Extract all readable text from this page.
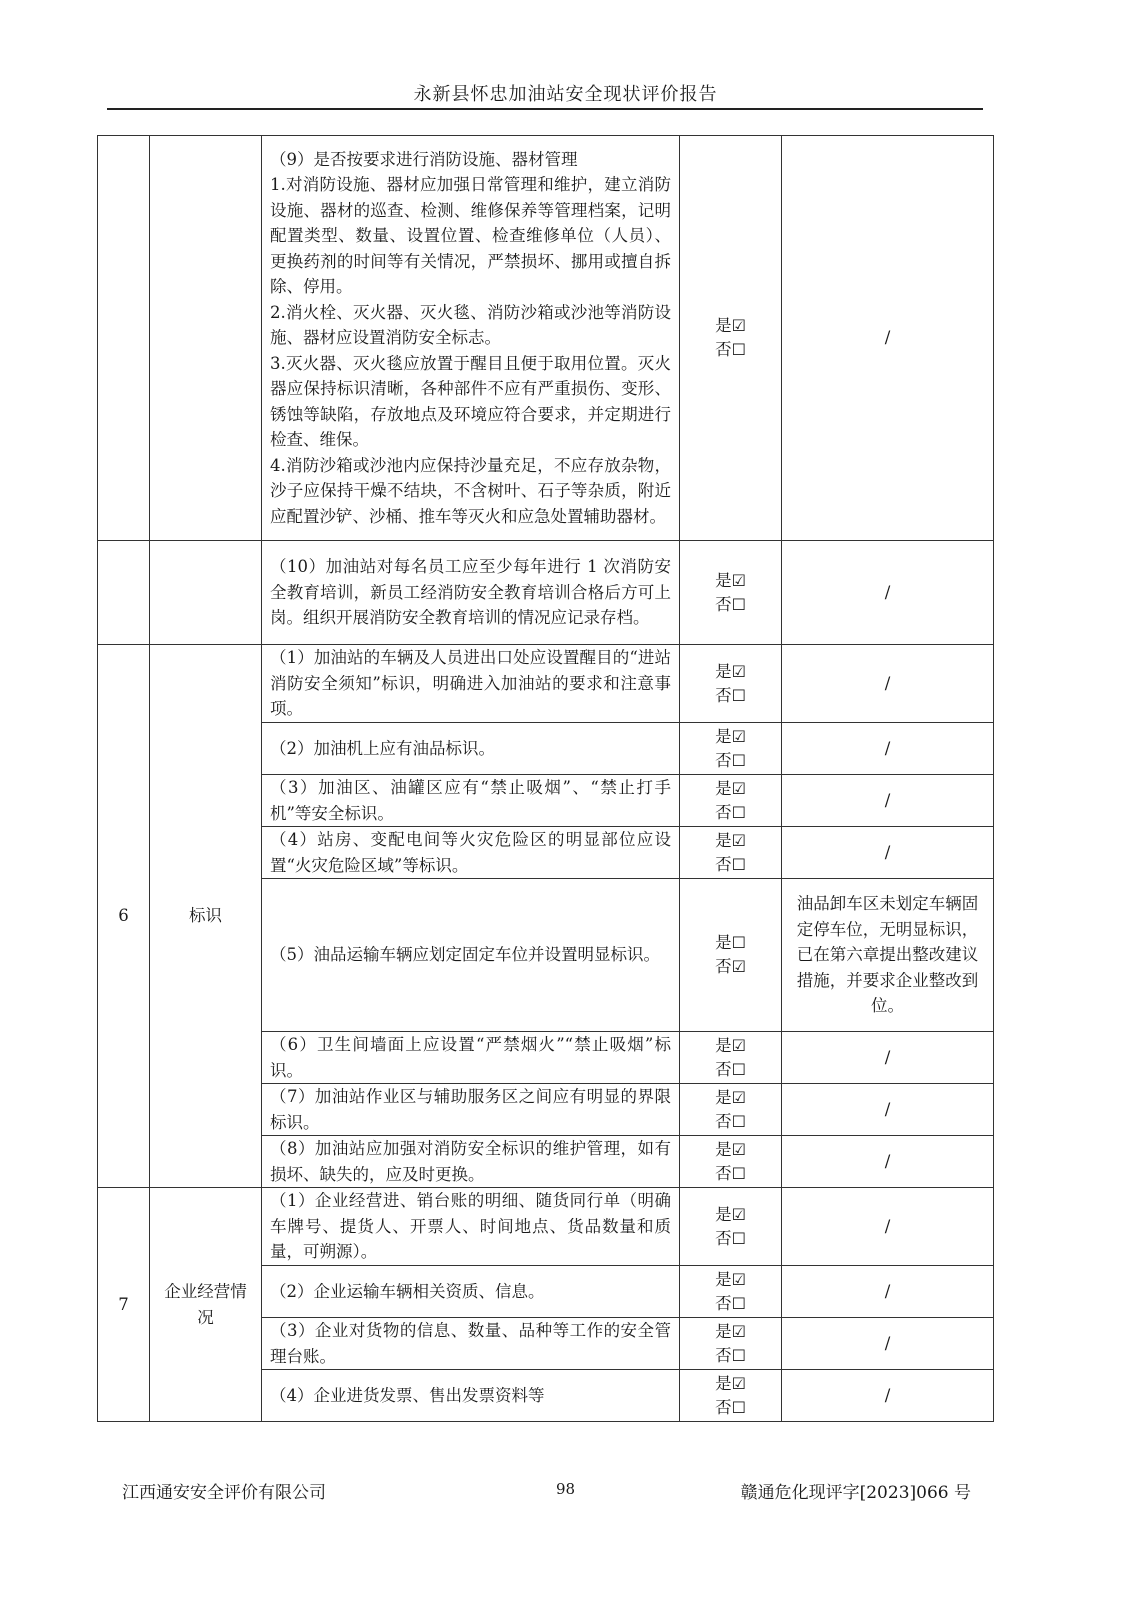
永新县怀忠加油站安全现状评价报告

		（9）是否按要求进行消防设施、器材管理
1.对消防设施、器材应加强日常管理和维护，建立消防设施、器材的巡查、检测、维修保养等管理档案，记明配置类型、数量、设置位置、检查维修单位（人员）、更换药剂的时间等有关情况，严禁损坏、挪用或擅自拆除、停用。
2.消火栓、灭火器、灭火毯、消防沙箱或沙池等消防设施、器材应设置消防安全标志。
3.灭火器、灭火毯应放置于醒目且便于取用位置。灭火器应保持标识清晰，各种部件不应有严重损伤、变形、锈蚀等缺陷，存放地点及环境应符合要求，并定期进行检查、维保。
4.消防沙箱或沙池内应保持沙量充足，不应存放杂物，沙子应保持干燥不结块，不含树叶、石子等杂质，附近应配置沙铲、沙桶、推车等灭火和应急处置辅助器材。	是☑
否☐	/
		（10）加油站对每名员工应至少每年进行 1 次消防安全教育培训，新员工经消防安全教育培训合格后方可上岗。组织开展消防安全教育培训的情况应记录存档。	是☑
否☐	/
6	标识	（1）加油站的车辆及人员进出口处应设置醒目的“进站消防安全须知”标识，明确进入加油站的要求和注意事项。	是☑
否☐	/
		（2）加油机上应有油品标识。	是☑
否☐	/
		（3）加油区、油罐区应有“禁止吸烟”、“禁止打手机”等安全标识。	是☑
否☐	/
		（4）站房、变配电间等火灾危险区的明显部位应设置“火灾危险区域”等标识。	是☑
否☐	/
		（5）油品运输车辆应划定固定车位并设置明显标识。	是☐
否☑	油品卸车区未划定车辆固定停车位，无明显标识，已在第六章提出整改建议措施，并要求企业整改到位。
		（6）卫生间墙面上应设置“严禁烟火”“禁止吸烟”标识。	是☑
否☐	/
		（7）加油站作业区与辅助服务区之间应有明显的界限标识。	是☑
否☐	/
		（8）加油站应加强对消防安全标识的维护管理，如有损坏、缺失的，应及时更换。	是☑
否☐	/
7	企业经营情况	（1）企业经营进、销台账的明细、随货同行单（明确车牌号、提货人、开票人、时间地点、货品数量和质量，可朔源）。	是☑
否☐	/
		（2）企业运输车辆相关资质、信息。	是☑
否☐	/
		（3）企业对货物的信息、数量、品种等工作的安全管理台账。	是☑
否☐	/
		（4）企业进货发票、售出发票资料等	是☑
否☐	/
江西通安安全评价有限公司	98	赣通危化现评字[2023]066 号
